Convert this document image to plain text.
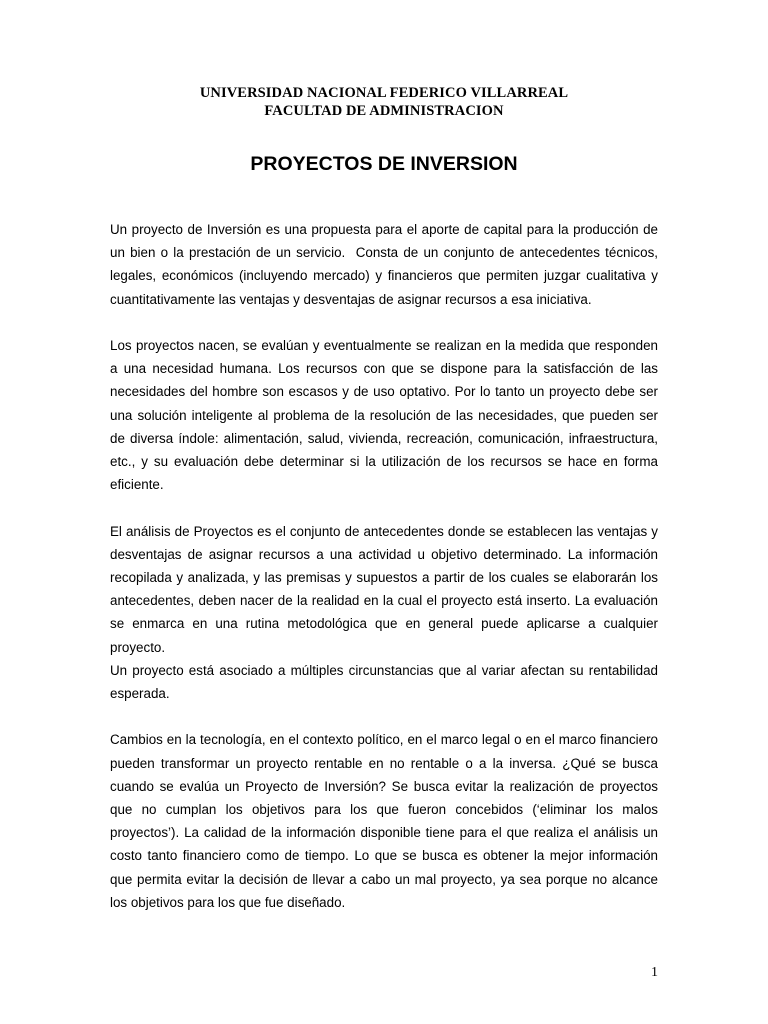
UNIVERSIDAD NACIONAL FEDERICO VILLARREAL
FACULTAD DE ADMINISTRACION
PROYECTOS DE INVERSION

Un proyecto de Inversión es una propuesta para el aporte de capital para la producción de un bien o la prestación de un servicio.  Consta de un conjunto de antecedentes técnicos, legales, económicos (incluyendo mercado) y financieros que permiten juzgar cualitativa y cuantitativamente las ventajas y desventajas de asignar recursos a esa iniciativa.

Los proyectos nacen, se evalúan y eventualmente se realizan en la medida que responden a una necesidad humana. Los recursos con que se dispone para la satisfacción de las necesidades del hombre son escasos y de uso optativo. Por lo tanto un proyecto debe ser una solución inteligente al problema de la resolución de las necesidades, que pueden ser de diversa índole: alimentación, salud, vivienda, recreación, comunicación, infraestructura, etc., y su evaluación debe determinar si la utilización de los recursos se hace en forma eficiente.

El análisis de Proyectos es el conjunto de antecedentes donde se establecen las ventajas y desventajas de asignar recursos a una actividad u objetivo determinado. La información recopilada y analizada, y las premisas y supuestos a partir de los cuales se elaborarán los antecedentes, deben nacer de la realidad en la cual el proyecto está inserto. La evaluación se enmarca en una rutina metodológica que en general puede aplicarse a cualquier proyecto.

Un proyecto está asociado a múltiples circunstancias que al variar afectan su rentabilidad esperada.

Cambios en la tecnología, en el contexto político, en el marco legal o en el marco financiero pueden transformar un proyecto rentable en no rentable o a la inversa. ¿Qué se busca cuando se evalúa un Proyecto de Inversión? Se busca evitar la realización de proyectos que no cumplan los objetivos para los que fueron concebidos (‘eliminar los malos proyectos’). La calidad de la información disponible tiene para el que realiza el análisis un costo tanto financiero como de tiempo. Lo que se busca es obtener la mejor información que permita evitar la decisión de llevar a cabo un mal proyecto, ya sea porque no alcance los objetivos para los que fue diseñado.

1
